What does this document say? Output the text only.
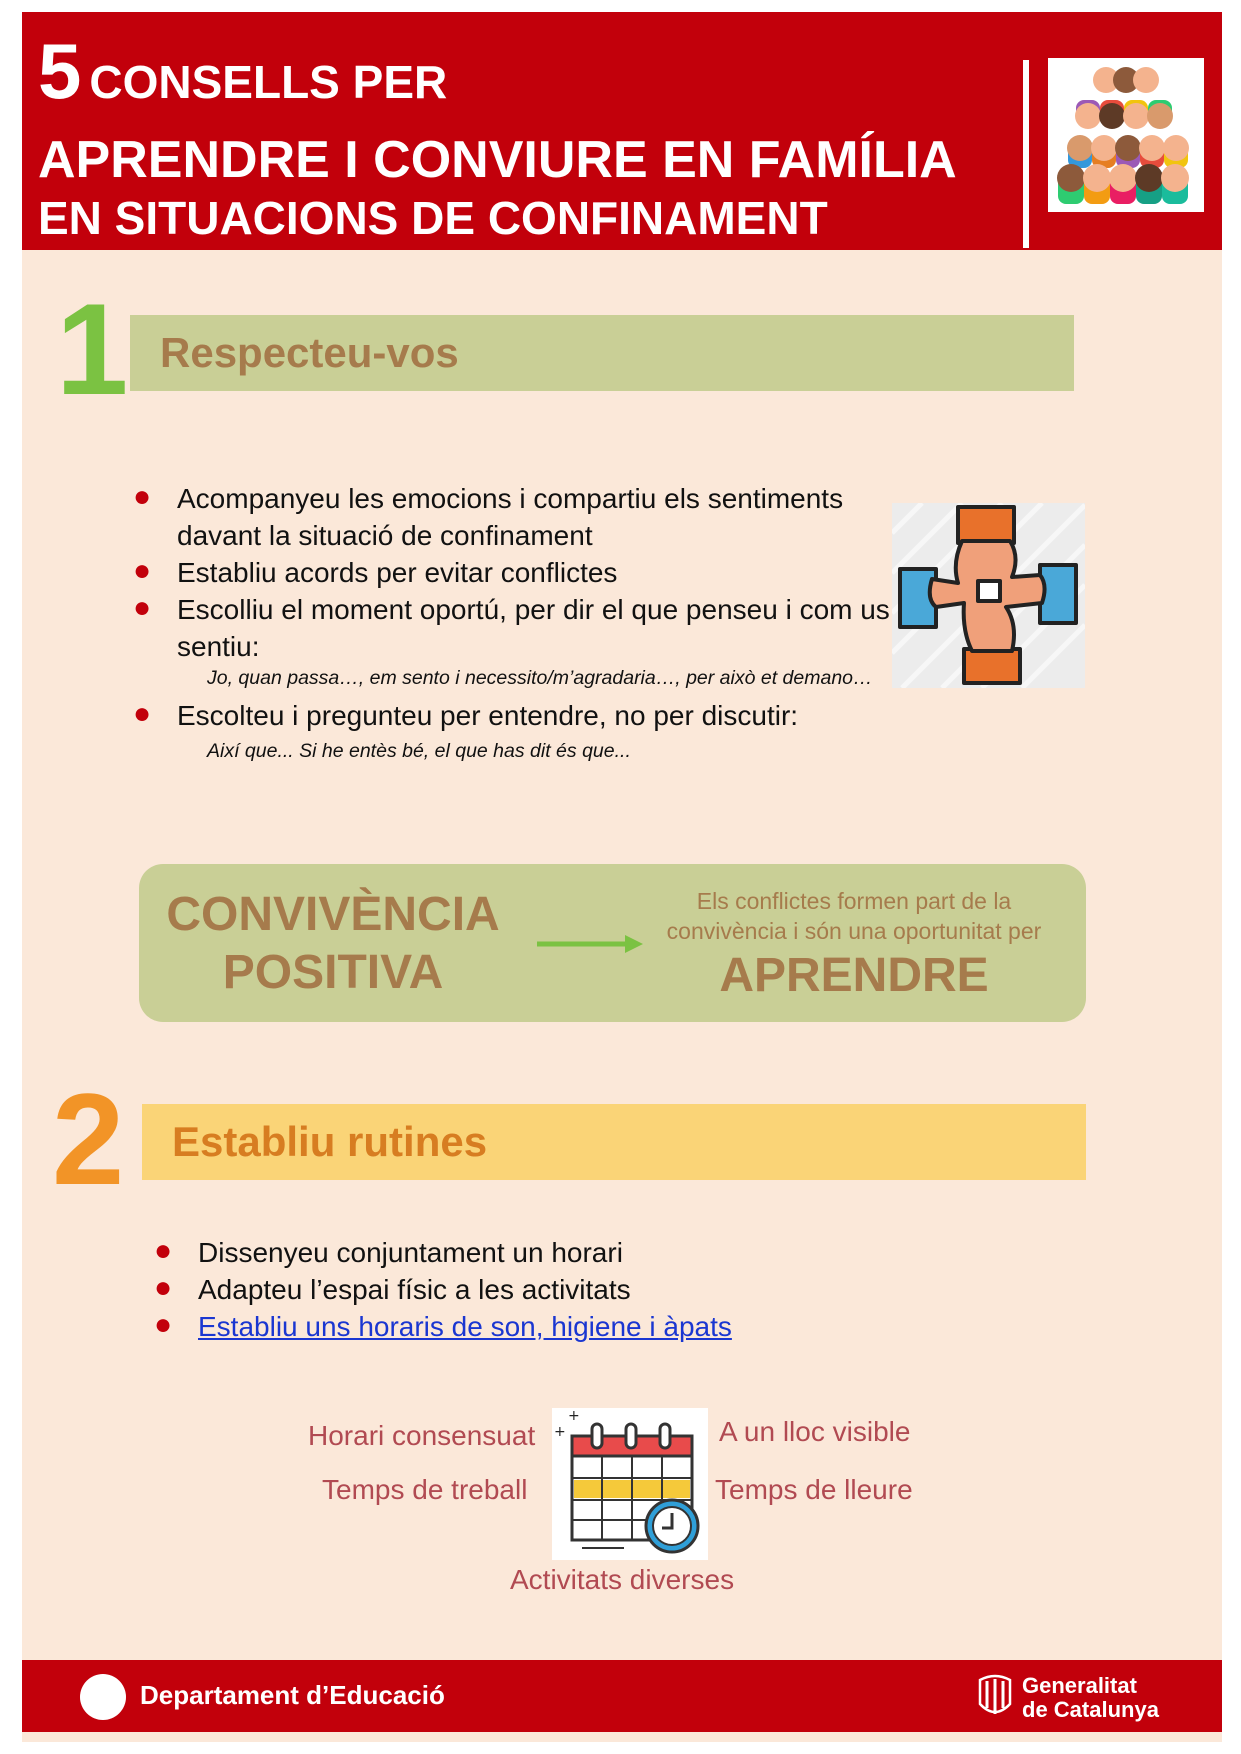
5 CONSELLS PER
APRENDRE I CONVIURE EN FAMÍLIA
EN SITUACIONS DE CONFINAMENT
1 Respecteu-vos
● Acompanyeu les emocions i compartiu els sentiments davant la situació de confinament
● Establiu acords per evitar conflictes
● Escolliu el moment oportú, per dir el que penseu i com us sentiu:
Jo, quan passa…, em sento i necessito/m’agradaria…, per això et demano…
● Escolteu i pregunteu per entendre, no per discutir:
Així que... Si he entès bé, el que has dit és que...
CONVIVÈNCIA
POSITIVA
Els conflictes formen part de la convivència i són una oportunitat per
APRENDRE
2	Establiu rutines
● Dissenyeu conjuntament un horari
● Adapteu l’espai físic a les activitats
● Establiu uns horaris de son, higiene i àpats
Horari consensuat
Temps de treball
A un lloc visible
Temps de lleure
Activitats diverses
+
+
Departament d’Educació	Generalitat
de Catalunya
